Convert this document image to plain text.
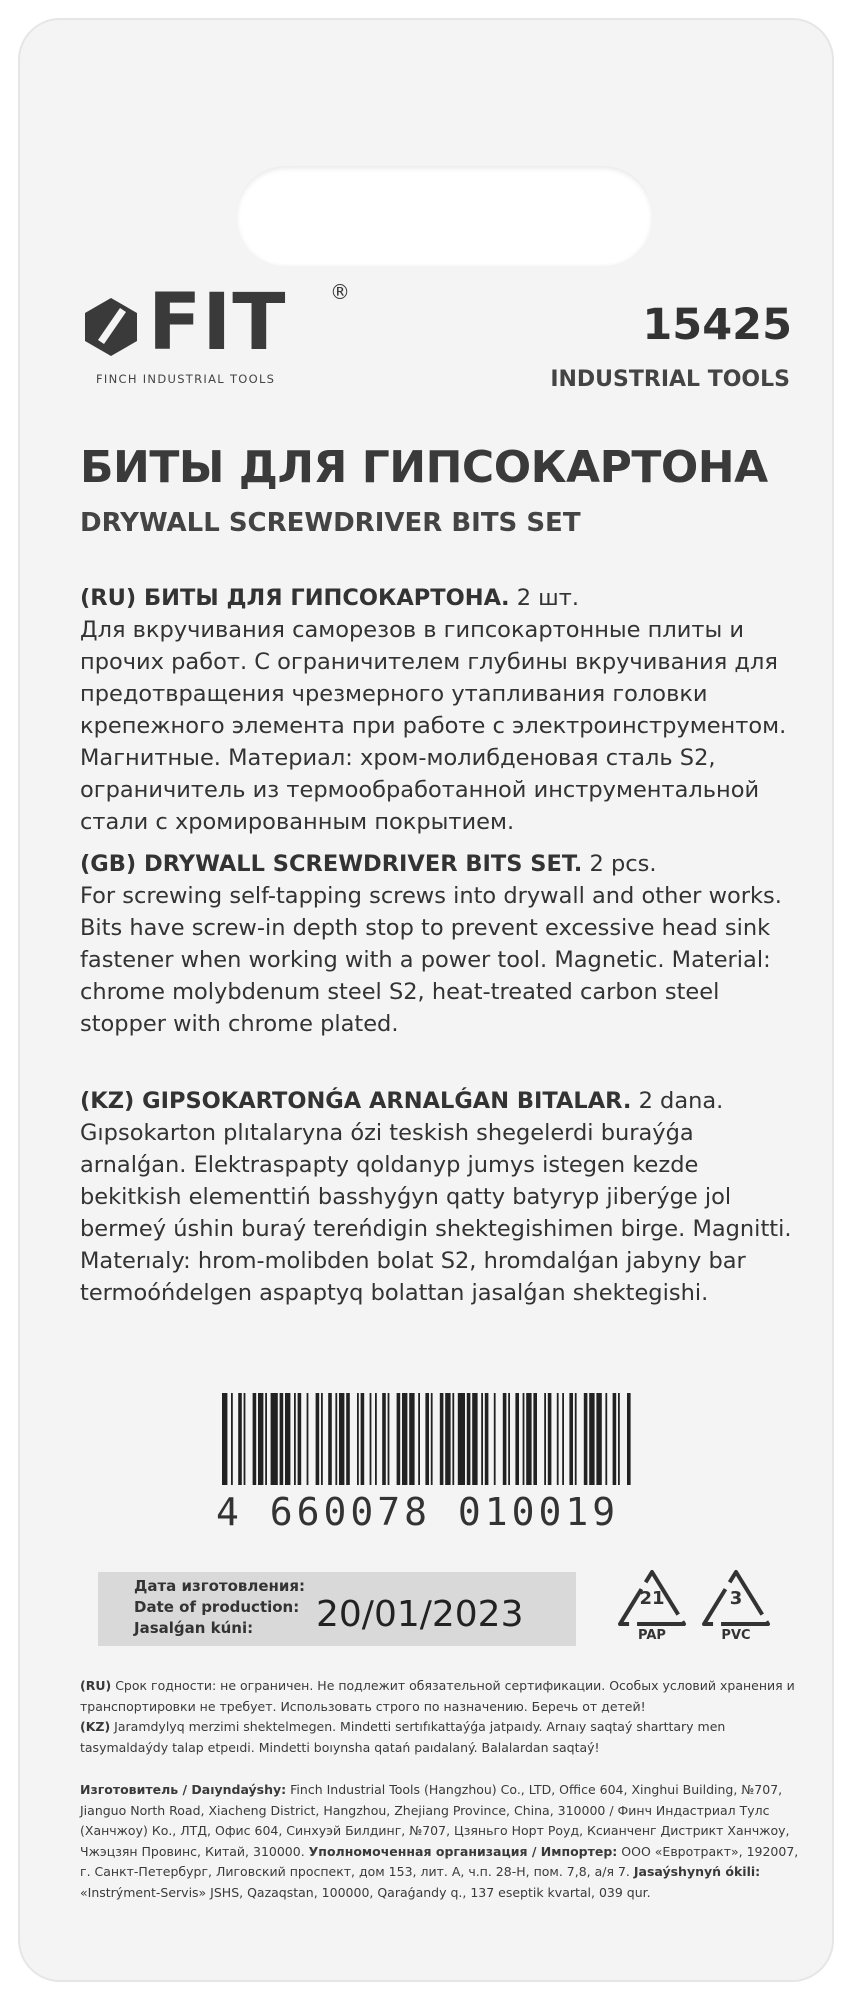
FIT ®
FINCH INDUSTRIAL TOOLS
15425
INDUSTRIAL TOOLS
БИТЫ ДЛЯ ГИПСОКАРТОНА
DRYWALL SCREWDRIVER BITS SET
(RU) БИТЫ ДЛЯ ГИПСОКАРТОНА. 2 шт.
Для вкручивания саморезов в гипсокартонные плиты и прочих работ. С ограничителем глубины вкручивания для предотвращения чрезмерного утапливания головки крепежного элемента при работе с электроинструментом. Магнитные. Материал: хром-молибденовая сталь S2, ограничитель из термообработанной инструментальной стали с хромированным покрытием.
(GB) DRYWALL SCREWDRIVER BITS SET. 2 pcs.
For screwing self-tapping screws into drywall and other works. Bits have screw-in depth stop to prevent excessive head sink fastener when working with a power tool. Magnetic. Material: chrome molybdenum steel S2, heat-treated carbon steel stopper with chrome plated.
(KZ) GIPSOKARTONǴA ARNALǴAN BITALAR. 2 dana.
Gıpsokarton plıtalaryna ózi teskish shegelerdi buraýǵa arnalǵan. Elektraspapty qoldanyp jumys istegen kezde bekitkish elementtiń basshyǵyn qatty batyryp jiberýge jol bermeý úshin buraý tereńdigin shektegishimen birge. Magnitti. Materıaly: hrom-molibden bolat S2, hromdalǵan jabyny bar termoóńdelgen aspaptyq bolattan jasalǵan shektegishi.
4 660078 010019
Дата изготовления:
Date of production:
Jasalǵan kúni:	20/01/2023	21
PAP
3
PVC
(RU) Срок годности: не ограничен. Не подлежит обязательной сертификации. Особых условий хранения и транспортировки не требует. Использовать строго по назначению. Беречь от детей!
(KZ) Jaramdylyq merzimi shektelmegen. Mindetti sertıfıkattaýǵa jatpaıdy. Arnaıy saqtaý sharttary men tasymaldaýdy talap etpeıdi. Mindetti boıynsha qatań paıdalaný. Balalardan saqtaý!
Изготовитель / Daıyndaýshy: Finch Industrial Tools (Hangzhou) Co., LTD, Office 604, Xinghui Building, №707, Jianguo North Road, Xiacheng District, Hangzhou, Zhejiang Province, China, 310000 / Финч Индастриал Тулс (Ханчжоу) Ко., ЛТД, Офис 604, Синхуэй Билдинг, №707, Цзяньго Норт Роуд, Ксианченг Дистрикт Ханчжоу, Чжэцзян Провинс, Китай, 310000. Уполномоченная организация / Импортер: ООО «Евротракт», 192007, г. Санкт-Петербург, Лиговский проспект, дом 153, лит. А, ч.п. 28-Н, пом. 7,8, а/я 7. Jasaýshynyń ókili: «Instrýment-Servis» JSHS, Qazaqstan, 100000, Qaraǵandy q., 137 eseptik kvartal, 039 qur.
